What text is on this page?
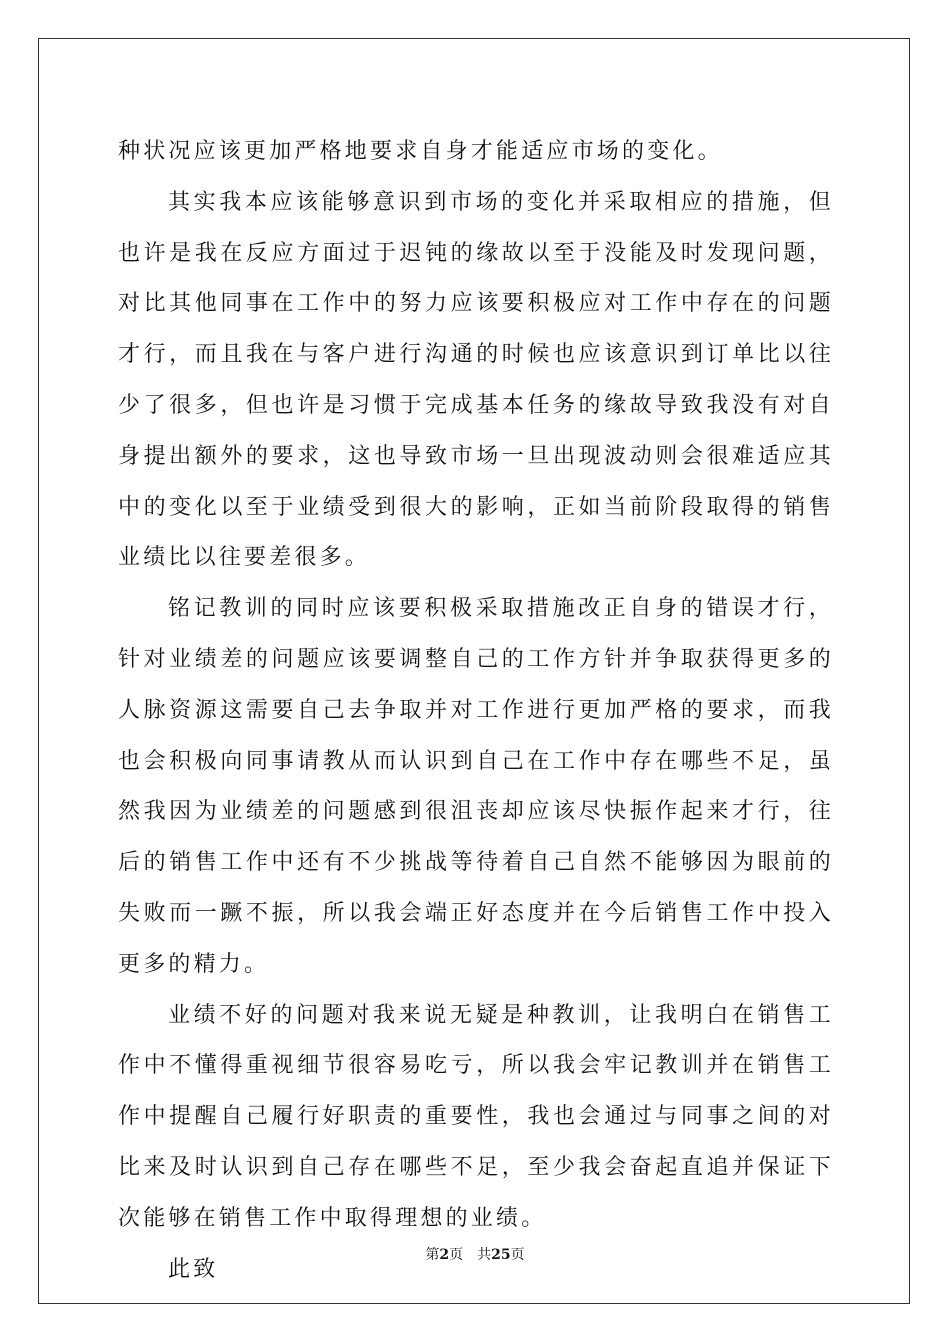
种状况应该更加严格地要求自身才能适应市场的变化。

其实我本应该能够意识到市场的变化并采取相应的措施，但也许是我在反应方面过于迟钝的缘故以至于没能及时发现问题，对比其他同事在工作中的努力应该要积极应对工作中存在的问题才行，而且我在与客户进行沟通的时候也应该意识到订单比以往少了很多，但也许是习惯于完成基本任务的缘故导致我没有对自身提出额外的要求，这也导致市场一旦出现波动则会很难适应其中的变化以至于业绩受到很大的影响，正如当前阶段取得的销售业绩比以往要差很多。

铭记教训的同时应该要积极采取措施改正自身的错误才行，针对业绩差的问题应该要调整自己的工作方针并争取获得更多的人脉资源这需要自己去争取并对工作进行更加严格的要求，而我也会积极向同事请教从而认识到自己在工作中存在哪些不足，虽然我因为业绩差的问题感到很沮丧却应该尽快振作起来才行，往后的销售工作中还有不少挑战等待着自己自然不能够因为眼前的失败而一蹶不振，所以我会端正好态度并在今后销售工作中投入更多的精力。

业绩不好的问题对我来说无疑是种教训，让我明白在销售工作中不懂得重视细节很容易吃亏，所以我会牢记教训并在销售工作中提醒自己履行好职责的重要性，我也会通过与同事之间的对比来及时认识到自己存在哪些不足，至少我会奋起直追并保证下次能够在销售工作中取得理想的业绩。

此致

第2页 共25页
